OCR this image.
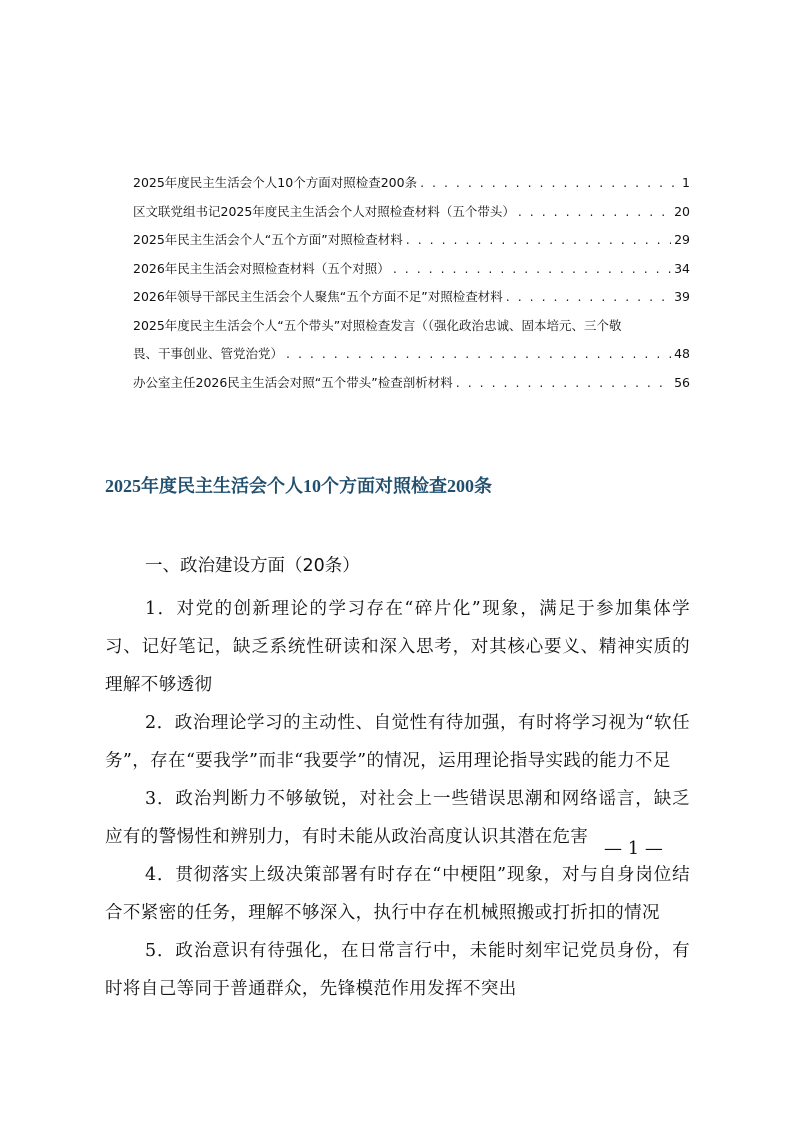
2025年度民主生活会个人10个方面对照检查200条 . . .	1
区文联党组书记2025年度民主生活会个人对照检查材料（五个带头） . . .	20
2025年民主生活会个人“五个方面”对照检查材料 . . .	29
2026年民主生活会对照检查材料（五个对照） . . .	34
2026年领导干部民主生活会个人聚焦“五个方面不足”对照检查材料 . . .	39
2025年度民主生活会个人“五个带头”对照检查发言（（强化政治忠诚、固本培元、三个敬
畏、干事创业、管党治党） . . .	48
办公室主任2026民主生活会对照“五个带头”检查剖析材料 . . .	56
2025年度民主生活会个人10个方面对照检查200条
一、政治建设方面（20条）

1．对党的创新理论的学习存在“碎片化”现象，满足于参加集体学习、记好笔记，缺乏系统性研读和深入思考，对其核心要义、精神实质的理解不够透彻

2．政治理论学习的主动性、自觉性有待加强，有时将学习视为“软任务”，存在“要我学”而非“我要学”的情况，运用理论指导实践的能力不足

3．政治判断力不够敏锐，对社会上一些错误思潮和网络谣言，缺乏应有的警惕性和辨别力，有时未能从政治高度认识其潜在危害

4．贯彻落实上级决策部署有时存在“中梗阻”现象，对与自身岗位结合不紧密的任务，理解不够深入，执行中存在机械照搬或打折扣的情况

5．政治意识有待强化，在日常言行中，未能时刻牢记党员身份，有时将自己等同于普通群众，先锋模范作用发挥不突出

— 1 —
